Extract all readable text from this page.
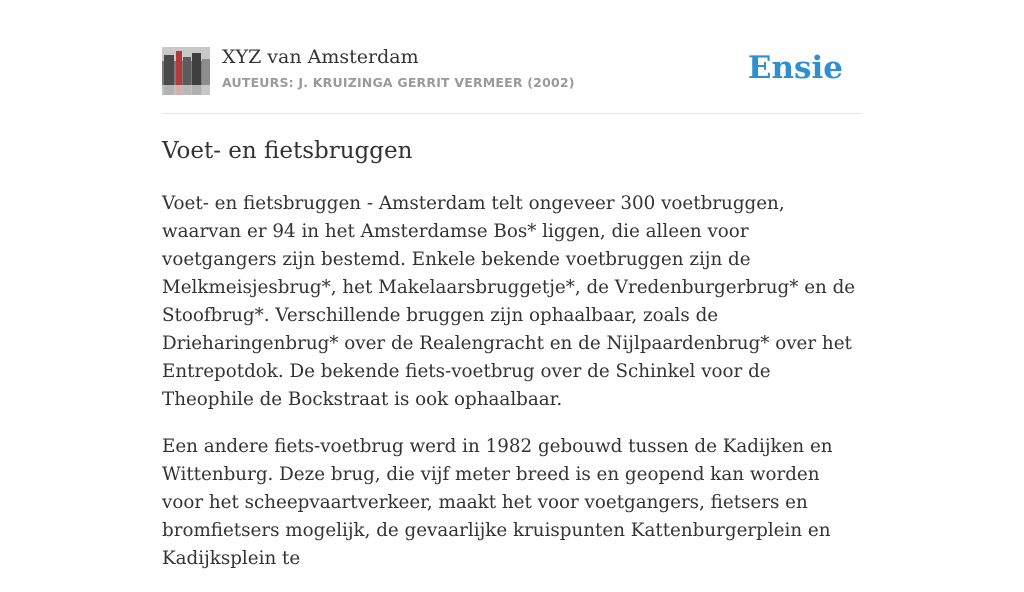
XYZ van Amsterdam
AUTEURS: J. KRUIZINGA GERRIT VERMEER (2002)	Ensie
Voet- en fietsbruggen

Voet- en fietsbruggen - Amsterdam telt ongeveer 300 voetbruggen, waarvan er 94 in het Amsterdamse Bos* liggen, die alleen voor voetgangers zijn bestemd. Enkele bekende voetbruggen zijn de Melkmeisjesbrug*, het Makelaarsbruggetje*, de Vredenburgerbrug* en de Stoofbrug*. Verschillende bruggen zijn ophaalbaar, zoals de Drieharingenbrug* over de Realengracht en de Nijlpaardenbrug* over het Entrepotdok. De bekende fiets-voetbrug over de Schinkel voor de Theophile de Bockstraat is ook ophaalbaar.

Een andere fiets-voetbrug werd in 1982 gebouwd tussen de Kadijken en Wittenburg. Deze brug, die vijf meter breed is en geopend kan worden voor het scheepvaartverkeer, maakt het voor voetgangers, fietsers en bromfietsers mogelijk, de gevaarlijke kruispunten Kattenburgerplein en Kadijksplein te
